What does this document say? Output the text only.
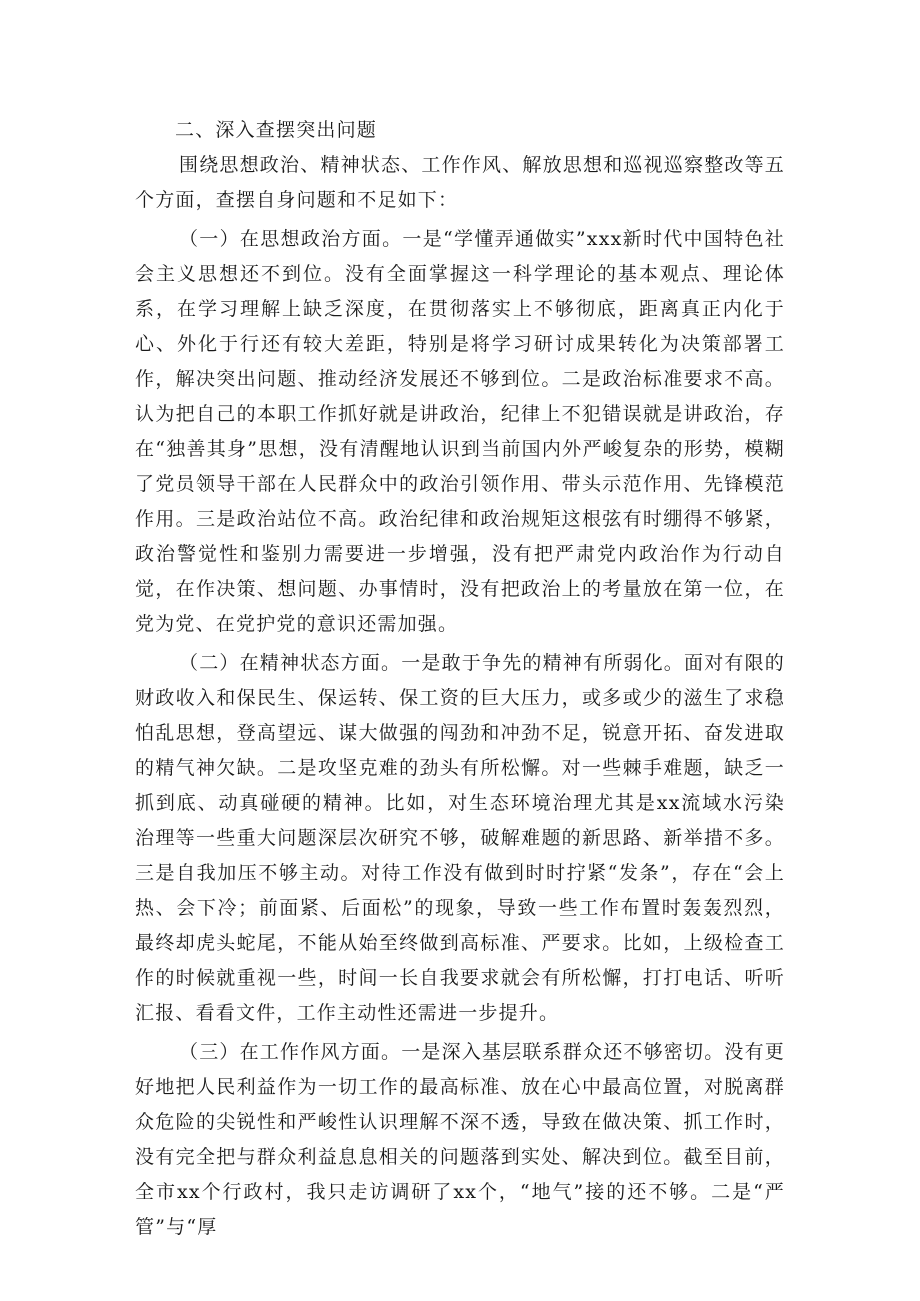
二、深入查摆突出问题

围绕思想政治、精神状态、工作作风、解放思想和巡视巡察整改等五个方面，查摆自身问题和不足如下：

（一）在思想政治方面。一是“学懂弄通做实”xxx新时代中国特色社会主义思想还不到位。没有全面掌握这一科学理论的基本观点、理论体系，在学习理解上缺乏深度，在贯彻落实上不够彻底，距离真正内化于心、外化于行还有较大差距，特别是将学习研讨成果转化为决策部署工作，解决突出问题、推动经济发展还不够到位。二是政治标准要求不高。认为把自己的本职工作抓好就是讲政治，纪律上不犯错误就是讲政治，存在“独善其身”思想，没有清醒地认识到当前国内外严峻复杂的形势，模糊了党员领导干部在人民群众中的政治引领作用、带头示范作用、先锋模范作用。三是政治站位不高。政治纪律和政治规矩这根弦有时绷得不够紧，政治警觉性和鉴别力需要进一步增强，没有把严肃党内政治作为行动自觉，在作决策、想问题、办事情时，没有把政治上的考量放在第一位，在党为党、在党护党的意识还需加强。

（二）在精神状态方面。一是敢于争先的精神有所弱化。面对有限的财政收入和保民生、保运转、保工资的巨大压力，或多或少的滋生了求稳怕乱思想，登高望远、谋大做强的闯劲和冲劲不足，锐意开拓、奋发进取的精气神欠缺。二是攻坚克难的劲头有所松懈。对一些棘手难题，缺乏一抓到底、动真碰硬的精神。比如，对生态环境治理尤其是xx流域水污染治理等一些重大问题深层次研究不够，破解难题的新思路、新举措不多。三是自我加压不够主动。对待工作没有做到时时拧紧“发条”，存在“会上热、会下冷；前面紧、后面松”的现象，导致一些工作布置时轰轰烈烈，最终却虎头蛇尾，不能从始至终做到高标准、严要求。比如，上级检查工作的时候就重视一些，时间一长自我要求就会有所松懈，打打电话、听听汇报、看看文件，工作主动性还需进一步提升。

（三）在工作作风方面。一是深入基层联系群众还不够密切。没有更好地把人民利益作为一切工作的最高标准、放在心中最高位置，对脱离群众危险的尖锐性和严峻性认识理解不深不透，导致在做决策、抓工作时，没有完全把与群众利益息息相关的问题落到实处、解决到位。截至目前，全市xx个行政村，我只走访调研了xx个，“地气”接的还不够。二是“严管”与“厚
